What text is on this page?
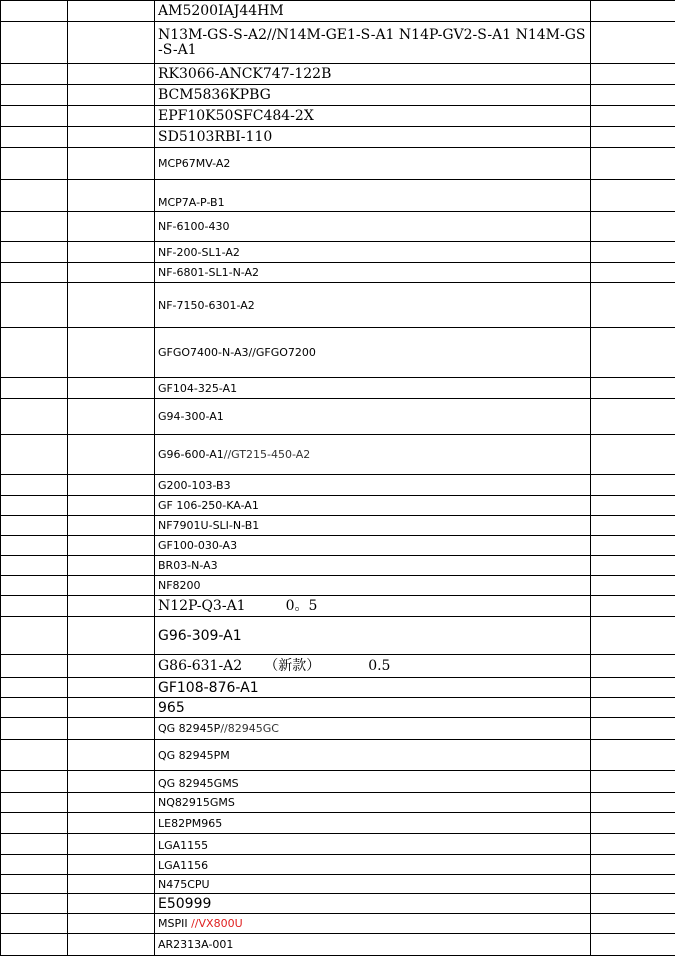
		AM5200IAJ44HM	
		N13M-GS-S-A2//N14M-GE1-S-A1 N14P-GV2-S-A1 N14M-GS-S-A1	
		RK3066-ANCK747-122B	
		BCM5836KPBG	
		EPF10K50SFC484-2X	
		SD5103RBI-110	
		MCP67MV-A2	
		MCP7A-P-B1	
		NF-6100-430	
		NF-200-SL1-A2	
		NF-6801-SL1-N-A2	
		NF-7150-6301-A2	
		GFGO7400-N-A3//GFGO7200	
		GF104-325-A1	
		G94-300-A1	
		G96-600-A1//GT215-450-A2	
		G200-103-B3	
		GF 106-250-KA-A1	
		NF7901U-SLI-N-B1	
		GF100-030-A3	
		BR03-N-A3	
		NF8200	
		N12P-Q3-A1 0。5	
		G96-309-A1	
		G86-631-A2 （新款） 0.5	
		GF108-876-A1	
		965	
		QG 82945P//82945GC	
		QG 82945PM	
		QG 82945GMS	
		NQ82915GMS	
		LE82PM965	
		LGA1155	
		LGA1156	
		N475CPU	
		E50999	
		MSPII //VX800U	
		AR2313A-001	
